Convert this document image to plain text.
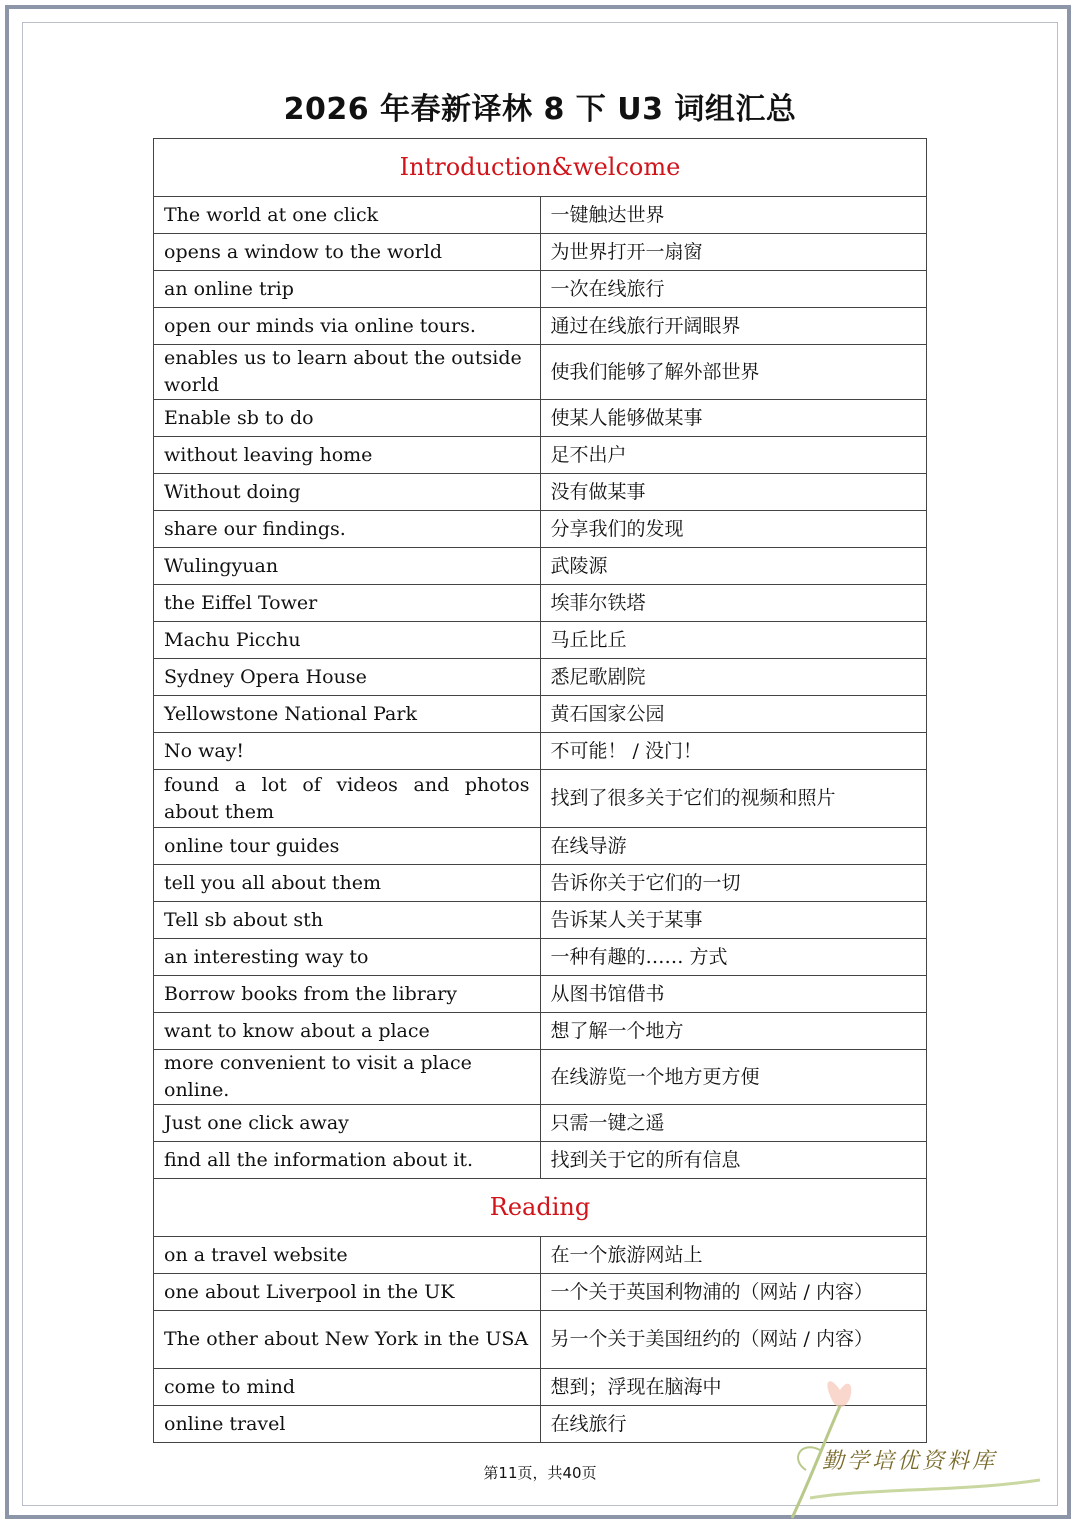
2026 年春新译林 8 下 U3 词组汇总
Introduction&welcome	
The world at one click	一键触达世界
opens a window to the world	为世界打开一扇窗
an online trip	一次在线旅行
open our minds via online tours.	通过在线旅行开阔眼界
enables us to learn about the outside world	使我们能够了解外部世界
Enable sb to do	使某人能够做某事
without leaving home	足不出户
Without doing	没有做某事
share our findings.	分享我们的发现
Wulingyuan	武陵源
the Eiffel Tower	埃菲尔铁塔
Machu Picchu	马丘比丘
Sydney Opera House	悉尼歌剧院
Yellowstone National Park	黄石国家公园
No way!	不可能！ / 没门！
found a lot of videos and photos about them	找到了很多关于它们的视频和照片
online tour guides	在线导游
tell you all about them	告诉你关于它们的一切
Tell sb about sth	告诉某人关于某事
an interesting way to	一种有趣的…… 方式
Borrow books from the library	从图书馆借书
want to know about a place	想了解一个地方
more convenient to visit a place online.	在线游览一个地方更方便
Just one click away	只需一键之遥
find all the information about it.	找到关于它的所有信息
Reading	
on a travel website	在一个旅游网站上
one about Liverpool in the UK	一个关于英国利物浦的（网站 / 内容）
The other about New York in the USA	另一个关于美国纽约的（网站 / 内容）
come to mind	想到；浮现在脑海中
online travel	在线旅行
第11页，共40页	勤学培优资料库
